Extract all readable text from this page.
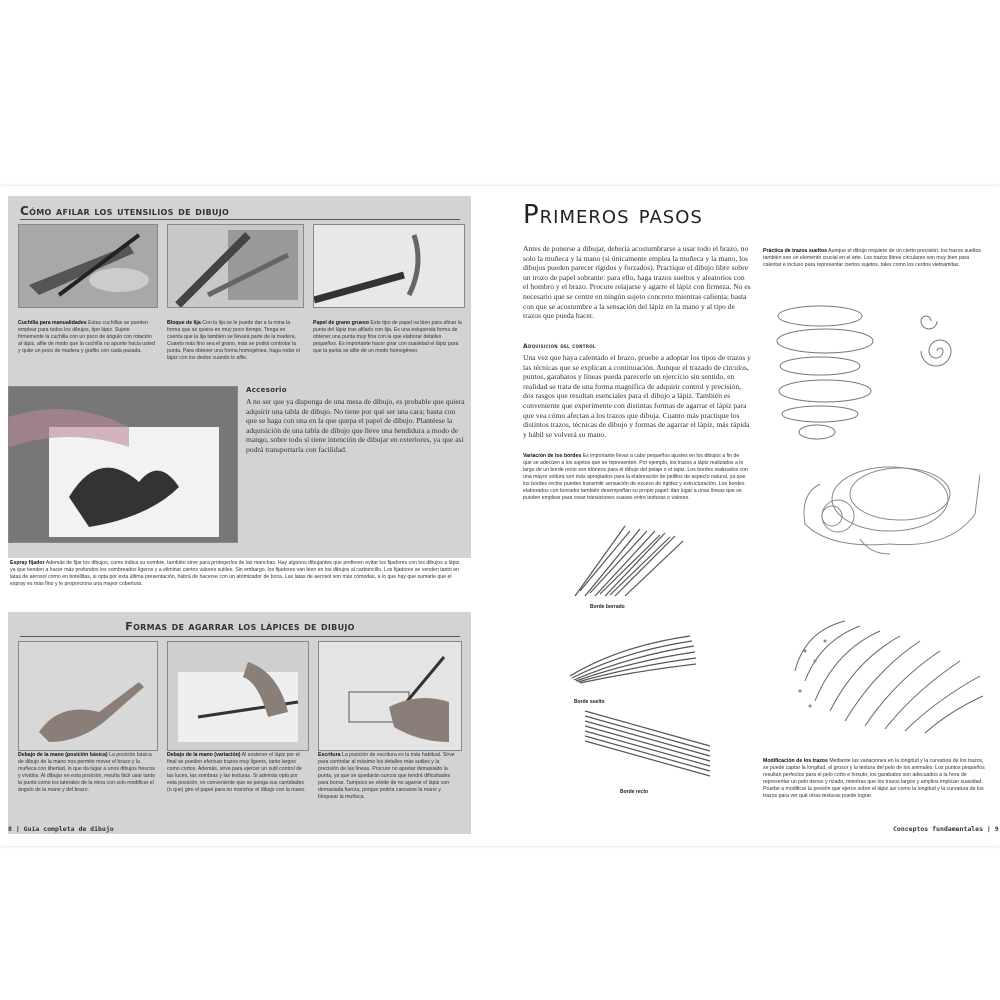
Cómo afilar los utensilios de dibujo
Cuchilla para manualidades Estas cuchillas se pueden emplear para todos los dibujos, tipo lápiz. Sujete firmemente la cuchilla con un poco de ángulo con rotación al lápiz, afile de modo que la cuchilla no apunte hacia usted y quite un poco de madera y grafito con cada pasada.
Bloque de lija Con la lija se le puede dar a la mina la forma que se quiera en muy poco tiempo. Tenga en cuenta que la lija también se llevará parte de la madera. Cuanto más fino sea el grano, más se podrá controlar la punta. Para obtener una forma homogénea, haga rodar el lápiz con los dedos cuando lo afile.
Papel de grano grueso Este tipo de papel va bien para afinar la punta del lápiz tras afilarlo con lija. Es una estupenda forma de obtener una punta muy fina con la que elaborar detalles pequeños. Es importante hacer girar con suavidad el lápiz para que la punta se afile de un modo homogéneo.
Accesorio
A no ser que ya disponga de una mesa de dibujo, es probable que quiera adquirir una tabla de dibujo. No tiene por qué ser una cara; basta con que se haga con una en la que quepa el papel de dibujo. Plantéese la adquisición de una tabla de dibujo que lleve una hendidura a modo de mango, sobre todo si tiene intención de dibujar en exteriores, ya que así podrá transportarla con facilidad.
Espray fijador Además de fijar los dibujos, como indica su nombre, también sirve para protegerlos de las manchas. Hay algunos dibujantes que prefieren evitar los fijadores con los dibujos a lápiz, ya que tienden a hacer más profundos los sombreados ligeros y a eliminar ciertos valores sutiles. Sin embargo, los fijadores van bien en los dibujos al carboncillo. Los fijadores se venden tanto en latas de aerosol como en botellitas, si opta por esta última presentación, habrá de hacerse con un atomizador de boca. Las latas de aerosol son más cómodas, a lo que hay que sumarle que el espray es más fino y le proporciona una mayor cobertura.
Formas de agarrar los lápices de dibujo
Debajo de la mano (posición básica) La posición básica de dibujo de la mano nos permite mover el brazo y la muñeca con libertad, lo que da lugar a unos dibujos frescos y vívidos. Al dibujar en esta posición, resulta fácil usar tanto la punta como los laterales de la mina con solo modificar el ángulo de la mano y del brazo.
Debajo de la mano (variación) Al sostener el lápiz por el final se pueden efectuar trazos muy ligeros, tanto largos como cortos. Además, sirve para ejercer un sutil control de las luces, las sombras y las texturas. Si además opta por esta posición, es conveniente que se ponga sus cantidades (o que) gire el papel para no manchar el dibujo con la mano.
Escritura La posición de escritura es la más habitual. Sirve para controlar al máximo los detalles más sutiles y la precisión de las líneas. Procure no apretar demasiado la punta, ya que se quedarán surcos que tendrá dificultades para borrar. Tampoco se olvide de no agarrar el lápiz con demasiada fuerza, porque podría cansarse la mano y bloquear la muñeca.
8 | Guía completa de dibujo
Primeros pasos
Antes de ponerse a dibujar, debería acostumbrarse a usar todo el brazo, no solo la muñeca y la mano (si únicamente emplea la muñeca y la mano, los dibujos pueden parecer rígidos y forzados). Practique el dibujo libre sobre un trozo de papel sobrante: para ello, haga trazos sueltos y aleatorios con el hombro y el brazo. Procure relajarse y agarre el lápiz con firmeza. No es necesario que se centre en ningún sujeto concreto mientras calienta; basta con que se acostumbre a la sensación del lápiz en la mano y al tipo de trazos que pueda hacer.
Adquisición del control
Una vez que haya calentado el brazo, pruebe a adoptar los tipos de trazos y las técnicas que se explican a continuación. Aunque el trazado de círculos, puntos, garabatos y líneas pueda parecerle un ejercicio sin sentido, en realidad se trata de una forma magnífica de adquirir control y precisión, dos rasgos que resultan esenciales para el dibujo a lápiz. También es conveniente que experimente con distintas formas de agarrar el lápiz para que vea cómo afectan a los trazos que dibuja. Cuanto más practique los distintos trazos, técnicas de dibujo y formas de agarrar el lápiz, más rápida y hábil se volverá su mano.
Variación de los bordes Es importante llevar a cabo pequeños ajustes en los dibujos a fin de que se adecúen a los sujetos que se representen. Por ejemplo, los trazos a lápiz realizados a lo largo de un borde recto son idóneos para el dibujo del pelaje o el tapiz. Los bordes realizados con una mayor soltura son más apropiados para la elaboración de pelillos de aspecto natural, ya que los bordes rectos pueden transmitir sensación de exceso de rigidez y estructuración. Los bordes elaborados con borrador también desempeñan su propio papel: dan lugar a unas líneas que se pueden emplear para crear transiciones suaves entre texturas o valores.
Práctica de trazos sueltos Aunque el dibujo requiere de un cierto precisión, los trazos sueltos también son un elemento crucial en el arte. Los trazos libres circulares son muy bien para calentar e incluso para representar ciertos sujetos, tales como los cerdos vietnamitas.
Borde borrado
Borde suelto
Borde recto
Modificación de los trazos Mediante las variaciones en la longitud y la curvatura de los trazos, se puede captar la longitud, el grosor y la textura del pelo de los animales. Los puntos pequeños resultan perfectos para el pelo corto e hirsuto; los garabatos son adecuados a la hora de representar un pelo denso y rizado, mientras que los trazos largos y amplios implican suavidad. Pruebe a modificar la presión que ejerce sobre el lápiz así como la longitud y la curvatura de los trazos para ver qué otras texturas puede lograr.
Conceptos fundamentales | 9
